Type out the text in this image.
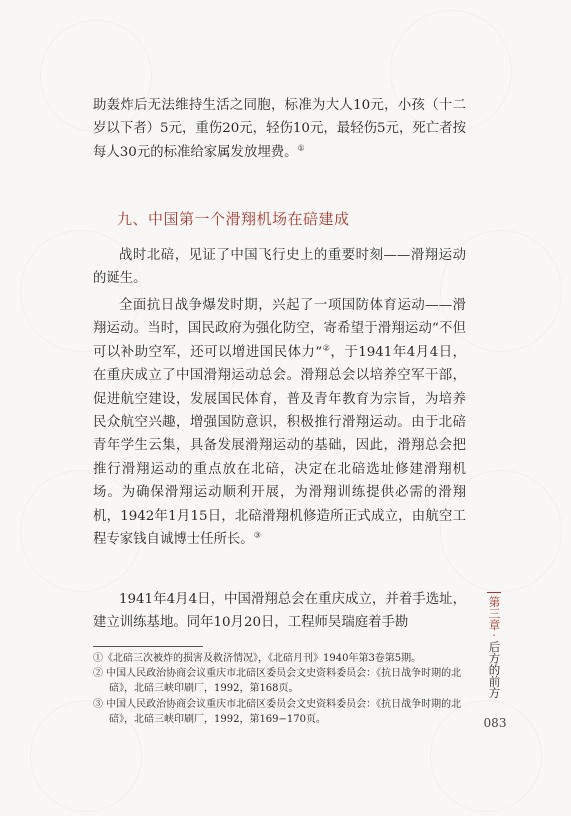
助轰炸后无法维持生活之同胞，标准为大人10元，小孩（十二岁以下者）5元，重伤20元，轻伤10元，最轻伤5元，死亡者按每人30元的标准给家属发放埋费。①

九、中国第一个滑翔机场在碚建成

战时北碚，见证了中国飞行史上的重要时刻——滑翔运动的诞生。

全面抗日战争爆发时期，兴起了一项国防体育运动——滑翔运动。当时，国民政府为强化防空，寄希望于滑翔运动“不但可以补助空军，还可以增进国民体力”②，于1941年4月4日，在重庆成立了中国滑翔运动总会。滑翔总会以培养空军干部，促进航空建设，发展国民体育，普及青年教育为宗旨，为培养民众航空兴趣，增强国防意识，积极推行滑翔运动。由于北碚青年学生云集，具备发展滑翔运动的基础，因此，滑翔总会把推行滑翔运动的重点放在北碚，决定在北碚选址修建滑翔机场。为确保滑翔运动顺利开展，为滑翔训练提供必需的滑翔机，1942年1月15日，北碚滑翔机修造所正式成立，由航空工程专家钱自诚博士任所长。③

1941年4月4日，中国滑翔总会在重庆成立，并着手选址，建立训练基地。同年10月20日，工程师吴瑞庭着手勘

①《北碚三次被炸的损害及救济情况》，《北碚月刊》1940年第3卷第5期。
② 中国人民政治协商会议重庆市北碚区委员会文史资料委员会：《抗日战争时期的北碚》，北碚三峡印刷厂，1992，第168页。
③ 中国人民政治协商会议重庆市北碚区委员会文史资料委员会：《抗日战争时期的北碚》，北碚三峡印刷厂，1992，第169−170页。
第三章
·
后方的前方
083
